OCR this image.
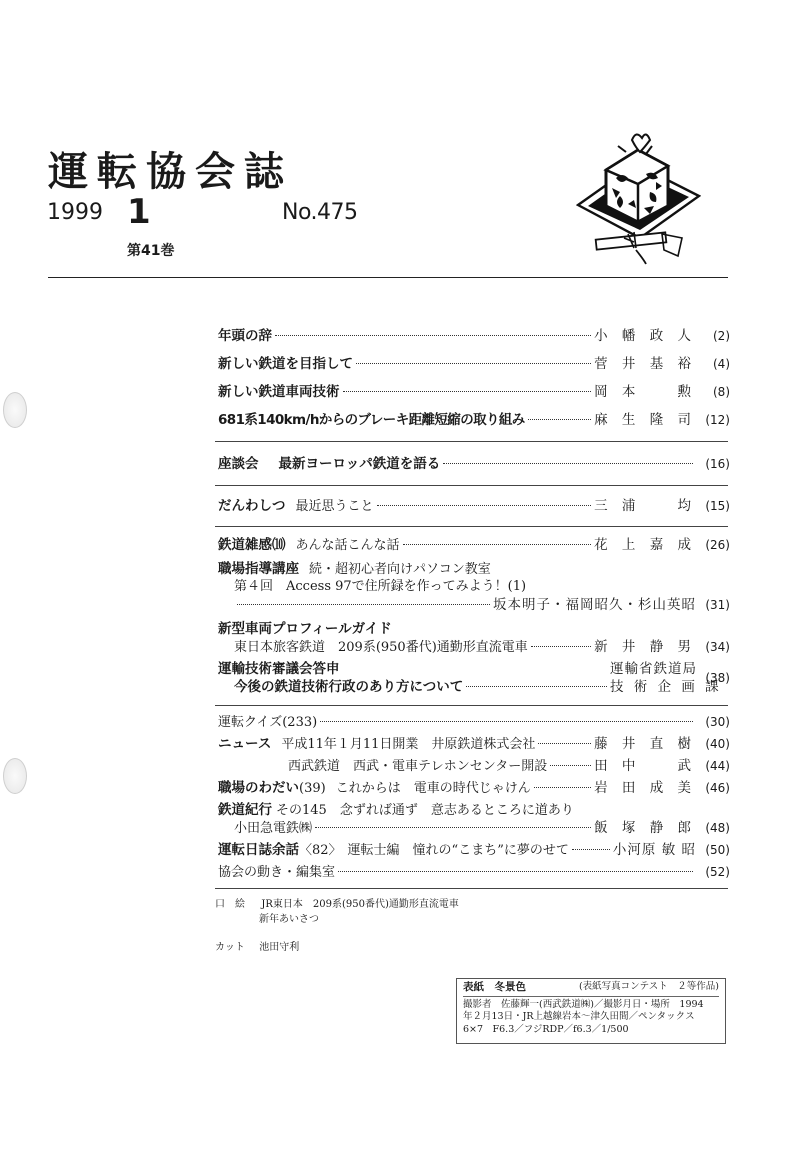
運転協会誌
1999 1	No.475
第41巻
年頭の辞	小 幡 政 人	(2)
新しい鉄道を目指して	菅 井 基 裕	(4)
新しい鉄道車両技術	岡 本 　 勲	(8)
681系140km/hからのブレーキ距離短縮の取り組み	麻 生 隆 司 (12)
座談会 最新ヨーロッパ鉄道を語る	(16)
だんわしつ 最近思うこと	三 浦 　 均 (15)
鉄道雑感⑽ あんな話こんな話	花 上 嘉 成 (26)
職場指導講座 続・超初心者向けパソコン教室
第４回　Access 97で住所録を作ってみよう！(1)
坂本明子・福岡昭久・杉山英昭 (31)
新型車両プロフィールガイド
東日本旅客鉄道　209系(950番代)通勤形直流電車	新 井 静 男 (34)
運輸技術審議会答申	運輸省鉄道局
今後の鉄道技術行政のあり方について	技 術 企 画 課
(38)
運転クイズ(233)	(30)
ニュース 平成11年１月11日開業　井原鉄道株式会社	藤 井 直 樹 (40)
西武鉄道　西武・電車テレホンセンター開設	田 中 　 武 (44)
職場のわだい (39) これからは　電車の時代じゃけん	岩 田 成 美 (46)
鉄道紀行 その145　念ずれば通ず　意志あるところに道あり
小田急電鉄㈱	飯 塚 静 郎 (48)
運転日誌余話 〈82〉 運転士編　憧れの“こまち”に夢のせて	小河原 敏 昭 (50)
協会の動き・編集室	(52)
口　絵 JR東日本　209系(950番代)通勤形直流電車
新年あいさつ
カット 池田守利
表紙　冬景色	(表紙写真コンテスト　２等作品)
撮影者　佐藤輝一(西武鉄道㈱)／撮影月日・場所　1994
年２月13日・JR上越線岩本～津久田間／ペンタックス
6×7　F6.3／フジRDP／f6.3／1/500
